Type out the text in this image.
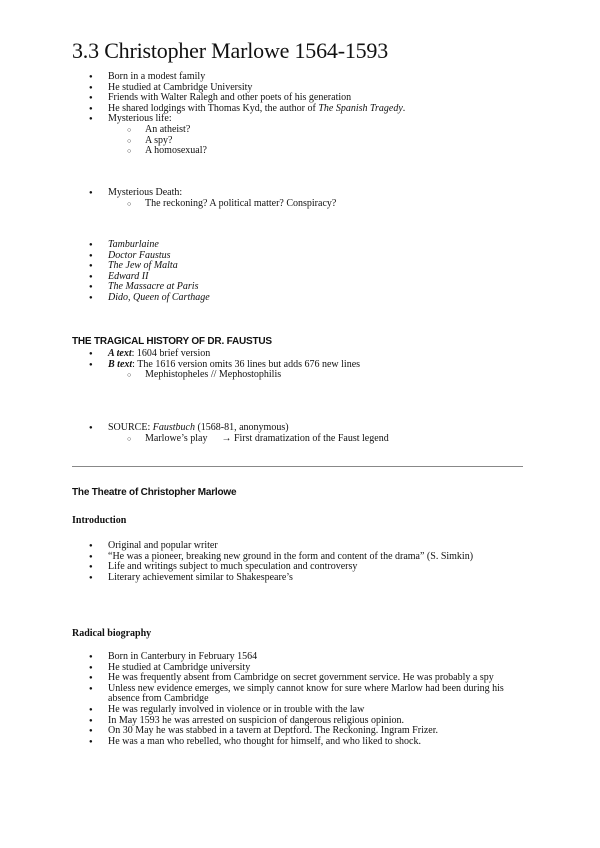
3.3 Christopher Marlowe 1564-1593
● Born in a modest family
● He studied at Cambridge University
● Friends with Walter Ralegh and other poets of his generation
● He shared lodgings with Thomas Kyd, the author of The Spanish Tragedy.
● Mysterious life:
○ An atheist?
○ A spy?
○ A homosexual?
● Mysterious Death:
○ The reckoning? A political matter? Conspiracy?
● Tamburlaine
● Doctor Faustus
● The Jew of Malta
● Edward II
● The Massacre at Paris
● Dido, Queen of Carthage
THE TRAGICAL HISTORY OF DR. FAUSTUS
● A text: 1604 brief version
● B text: The 1616 version omits 36 lines but adds 676 new lines
○ Mephistopheles // Mephostophilis
● SOURCE: Faustbuch (1568-81, anonymous)
○ Marlowe’s play → First dramatization of the Faust legend
The Theatre of Christopher Marlowe
Introduction
● Original and popular writer
● “He was a pioneer, breaking new ground in the form and content of the drama” (S. Simkin)
● Life and writings subject to much speculation and controversy
● Literary achievement similar to Shakespeare’s
Radical biography
● Born in Canterbury in February 1564
● He studied at Cambridge university
● He was frequently absent from Cambridge on secret government service. He was probably a spy
● Unless new evidence emerges, we simply cannot know for sure where Marlow had been during his absence from Cambridge
● He was regularly involved in violence or in trouble with the law
● In May 1593 he was arrested on suspicion of dangerous religious opinion.
● On 30 May he was stabbed in a tavern at Deptford. The Reckoning. Ingram Frizer.
● He was a man who rebelled, who thought for himself, and who liked to shock.
